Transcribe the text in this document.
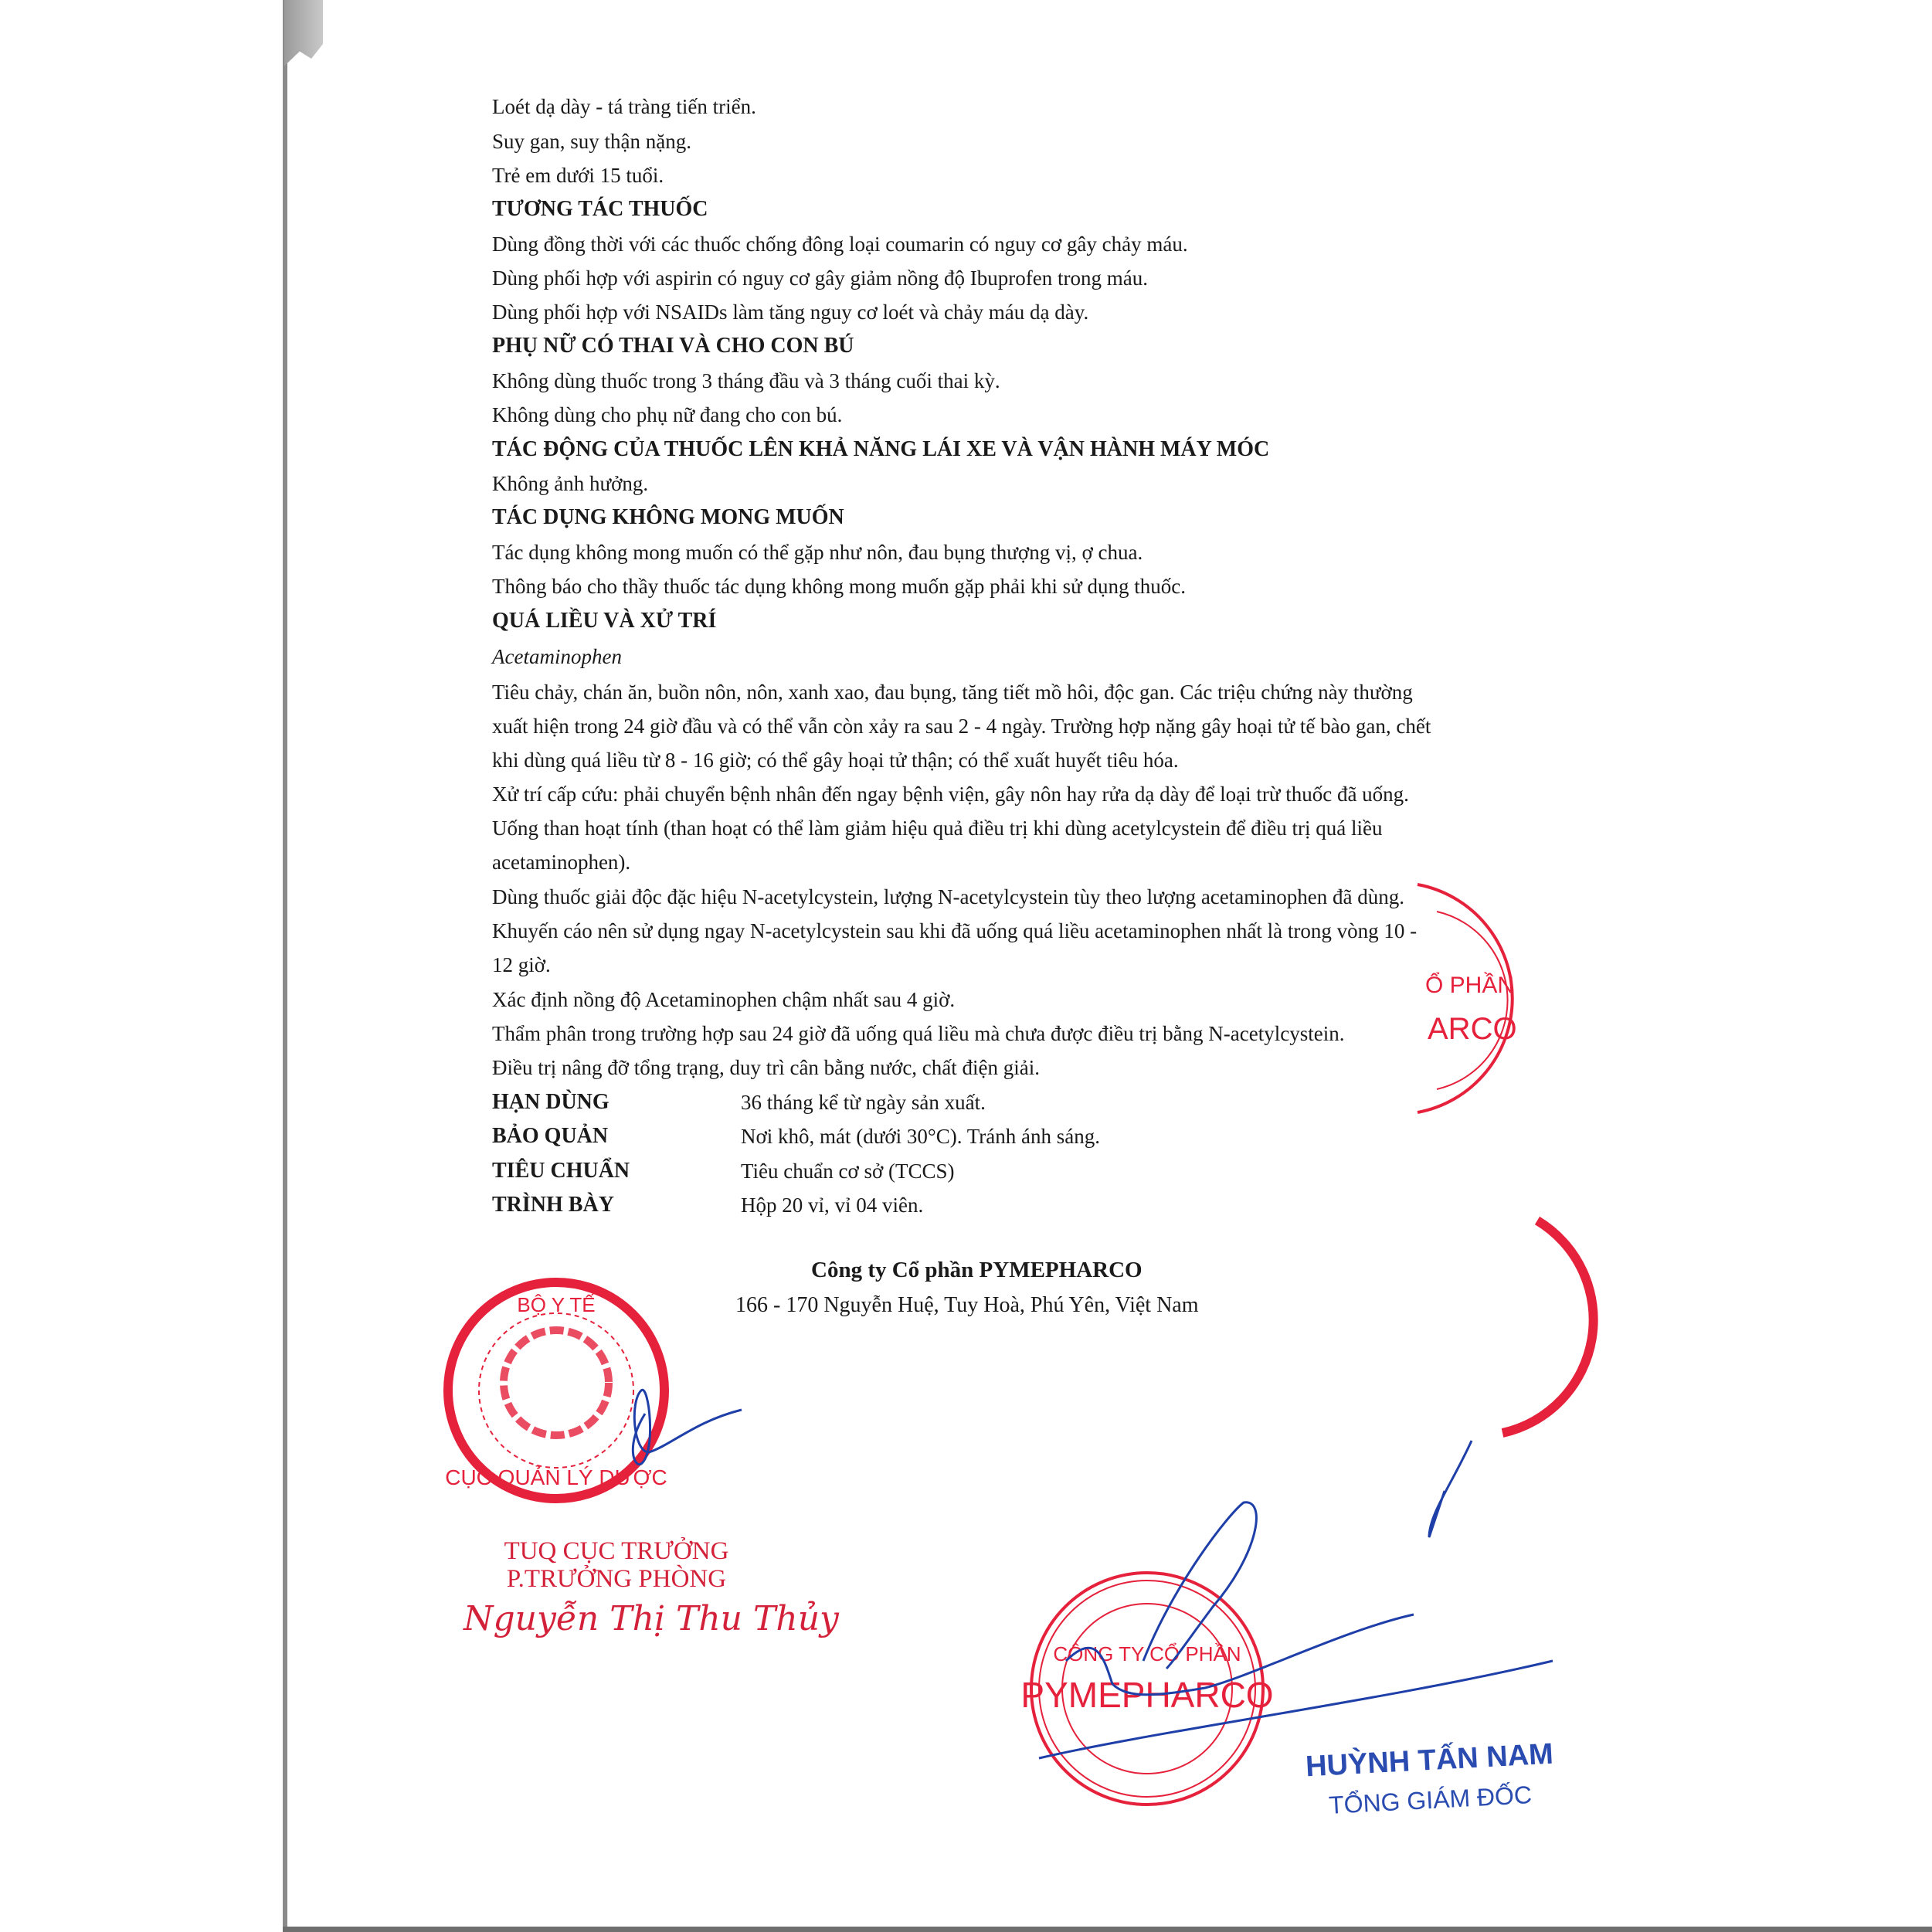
Loét dạ dày - tá tràng tiến triển.
Suy gan, suy thận nặng.
Trẻ em dưới 15 tuổi.
TƯƠNG TÁC THUỐC
Dùng đồng thời với các thuốc chống đông loại coumarin có nguy cơ gây chảy máu.
Dùng phối hợp với aspirin có nguy cơ gây giảm nồng độ Ibuprofen trong máu.
Dùng phối hợp với NSAIDs làm tăng nguy cơ loét và chảy máu dạ dày.
PHỤ NỮ CÓ THAI VÀ CHO CON BÚ
Không dùng thuốc trong 3 tháng đầu và 3 tháng cuối thai kỳ.
Không dùng cho phụ nữ đang cho con bú.
TÁC ĐỘNG CỦA THUỐC LÊN KHẢ NĂNG LÁI XE VÀ VẬN HÀNH MÁY MÓC
Không ảnh hưởng.
TÁC DỤNG KHÔNG MONG MUỐN
Tác dụng không mong muốn có thể gặp như nôn, đau bụng thượng vị, ợ chua.
Thông báo cho thầy thuốc tác dụng không mong muốn gặp phải khi sử dụng thuốc.
QUÁ LIỀU VÀ XỬ TRÍ
Acetaminophen
Tiêu chảy, chán ăn, buồn nôn, nôn, xanh xao, đau bụng, tăng tiết mồ hôi, độc gan. Các triệu chứng này thường
xuất hiện trong 24 giờ đầu và có thể vẫn còn xảy ra sau 2 - 4 ngày. Trường hợp nặng gây hoại tử tế bào gan, chết
khi dùng quá liều từ 8 - 16 giờ; có thể gây hoại tử thận; có thể xuất huyết tiêu hóa.
Xử trí cấp cứu: phải chuyển bệnh nhân đến ngay bệnh viện, gây nôn hay rửa dạ dày để loại trừ thuốc đã uống.
Uống than hoạt tính (than hoạt có thể làm giảm hiệu quả điều trị khi dùng acetylcystein để điều trị quá liều
acetaminophen).
Dùng thuốc giải độc đặc hiệu N-acetylcystein, lượng N-acetylcystein tùy theo lượng acetaminophen đã dùng.
Khuyến cáo nên sử dụng ngay N-acetylcystein sau khi đã uống quá liều acetaminophen nhất là trong vòng 10 -
12 giờ.
Xác định nồng độ Acetaminophen chậm nhất sau 4 giờ.
Thẩm phân trong trường hợp sau 24 giờ đã uống quá liều mà chưa được điều trị bằng N-acetylcystein.
Điều trị nâng đỡ tổng trạng, duy trì cân bằng nước, chất điện giải.
HẠN DÙNG	36 tháng kể từ ngày sản xuất.
BẢO QUẢN	Nơi khô, mát (dưới 30°C). Tránh ánh sáng.
TIÊU CHUẨN	Tiêu chuẩn cơ sở (TCCS)
TRÌNH BÀY	Hộp 20 vỉ, vỉ 04 viên.
Công ty Cổ phần PYMEPHARCO
166 - 170 Nguyễn Huệ, Tuy Hoà, Phú Yên, Việt Nam
BỘ Y TẾ
CỤC QUẢN LÝ DƯỢC
Ổ PHẦN
ARCO
CÔNG TY CỔ PHẦN
PYMEPHARCO
TUQ CỤC TRƯỞNG
P.TRƯỞNG PHÒNG
Nguyễn Thị Thu Thủy
HUỲNH TẤN NAM
TỔNG GIÁM ĐỐC
